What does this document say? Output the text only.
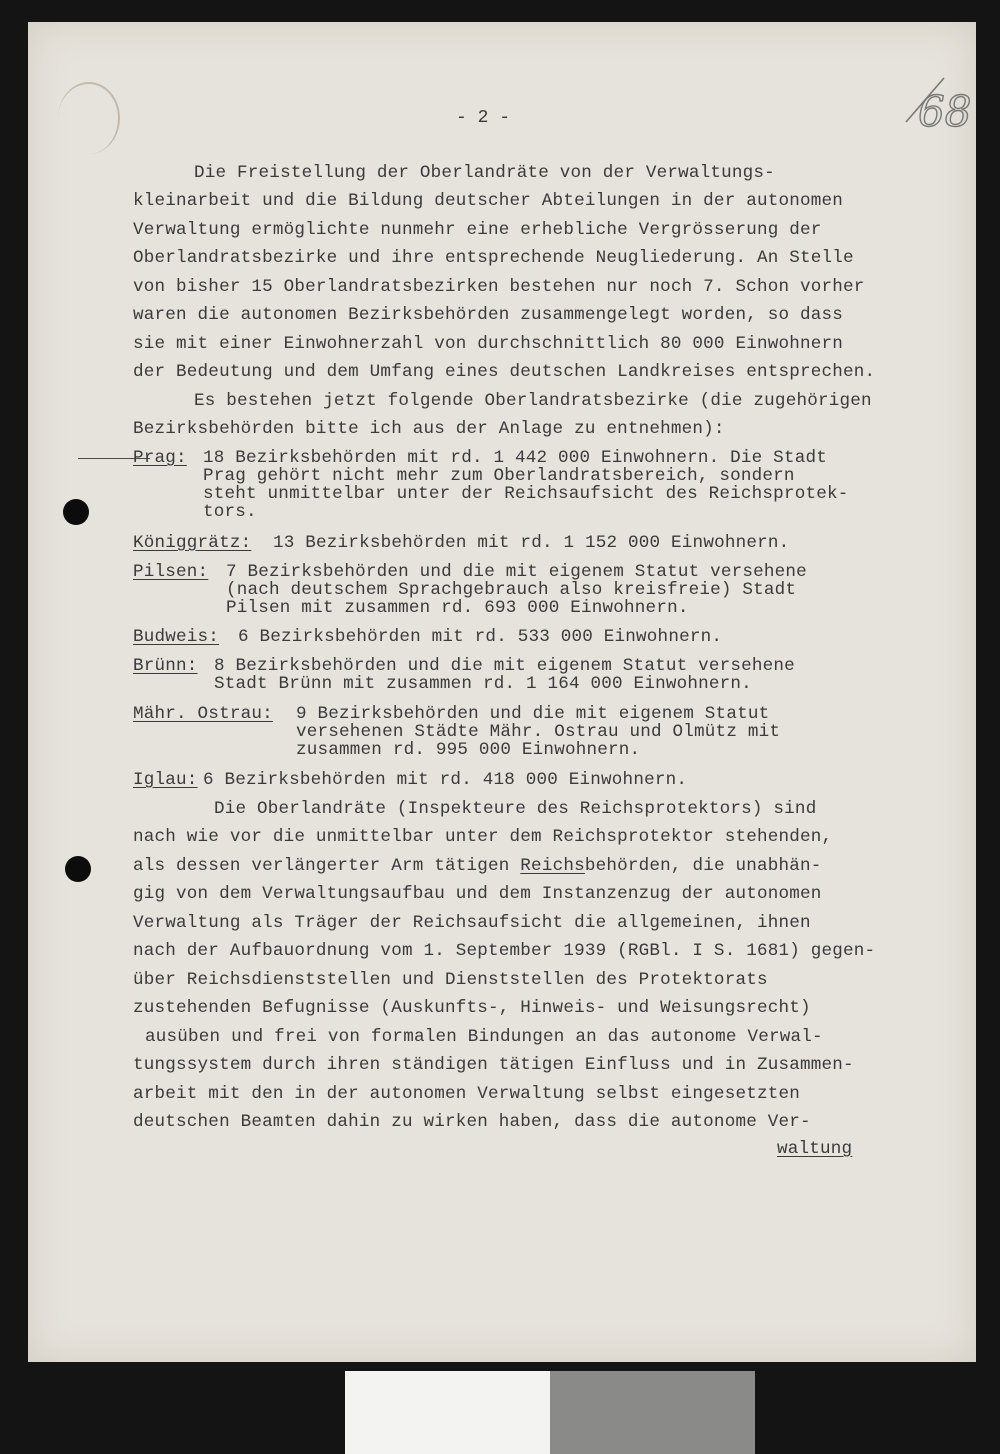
- 2 -	68
Die Freistellung der Oberlandräte von der Verwaltungs-
kleinarbeit und die Bildung deutscher Abteilungen in der autonomen
Verwaltung ermöglichte nunmehr eine erhebliche Vergrösserung der
Oberlandratsbezirke und ihre entsprechende Neugliederung. An Stelle
von bisher 15 Oberlandratsbezirken bestehen nur noch 7. Schon vorher
waren die autonomen Bezirksbehörden zusammengelegt worden, so dass
sie mit einer Einwohnerzahl von durchschnittlich 80 000 Einwohnern
der Bedeutung und dem Umfang eines deutschen Landkreises entsprechen.
Es bestehen jetzt folgende Oberlandratsbezirke (die zugehörigen
Bezirksbehörden bitte ich aus der Anlage zu entnehmen):
Prag: 18 Bezirksbehörden mit rd. 1 442 000 Einwohnern. Die Stadt
Prag gehört nicht mehr zum Oberlandratsbereich, sondern
steht unmittelbar unter der Reichsaufsicht des Reichsprotek-
tors.
Königgrätz: 13 Bezirksbehörden mit rd. 1 152 000 Einwohnern.
Pilsen: 7 Bezirksbehörden und die mit eigenem Statut versehene
(nach deutschem Sprachgebrauch also kreisfreie) Stadt
Pilsen mit zusammen rd. 693 000 Einwohnern.
Budweis: 6 Bezirksbehörden mit rd. 533 000 Einwohnern.
Brünn: 8 Bezirksbehörden und die mit eigenem Statut versehene
Stadt Brünn mit zusammen rd. 1 164 000 Einwohnern.
Mähr. Ostrau: 9 Bezirksbehörden und die mit eigenem Statut
versehenen Städte Mähr. Ostrau und Olmütz mit
zusammen rd. 995 000 Einwohnern.
Iglau: 6 Bezirksbehörden mit rd. 418 000 Einwohnern.
Die Oberlandräte (Inspekteure des Reichsprotektors) sind
nach wie vor die unmittelbar unter dem Reichsprotektor stehenden,
als dessen verlängerter Arm tätigen Reichsbehörden, die unabhän-
gig von dem Verwaltungsaufbau und dem Instanzenzug der autonomen
Verwaltung als Träger der Reichsaufsicht die allgemeinen, ihnen
nach der Aufbauordnung vom 1. September 1939 (RGBl. I S. 1681) gegen-
über Reichsdienststellen und Dienststellen des Protektorats
zustehenden Befugnisse (Auskunfts-, Hinweis- und Weisungsrecht)
ausüben und frei von formalen Bindungen an das autonome Verwal-
tungssystem durch ihren ständigen tätigen Einfluss und in Zusammen-
arbeit mit den in der autonomen Verwaltung selbst eingesetzten
deutschen Beamten dahin zu wirken haben, dass die autonome Ver-
waltung
